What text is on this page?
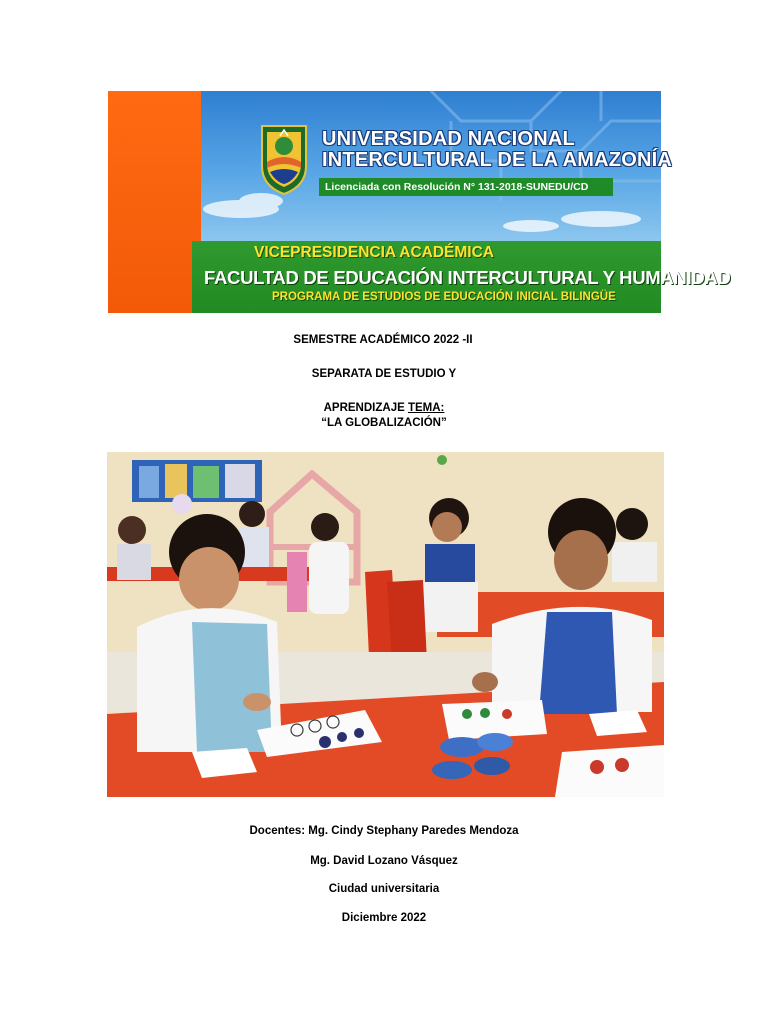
UNIVERSIDAD NACIONAL
INTERCULTURAL DE LA AMAZONÍA
Licenciada con Resolución N° 131-2018-SUNEDU/CD
VICEPRESIDENCIA ACADÉMICA
FACULTAD DE EDUCACIÓN INTERCULTURAL Y HUMANIDAD
PROGRAMA DE ESTUDIOS DE EDUCACIÓN INICIAL BILINGÜE
SEMESTRE ACADÉMICO 2022 -II
SEPARATA DE ESTUDIO Y
APRENDIZAJE TEMA:
“LA GLOBALIZACIÓN”
Docentes: Mg. Cindy Stephany Paredes Mendoza
Mg. David Lozano Vásquez
Ciudad universitaria
Diciembre 2022
